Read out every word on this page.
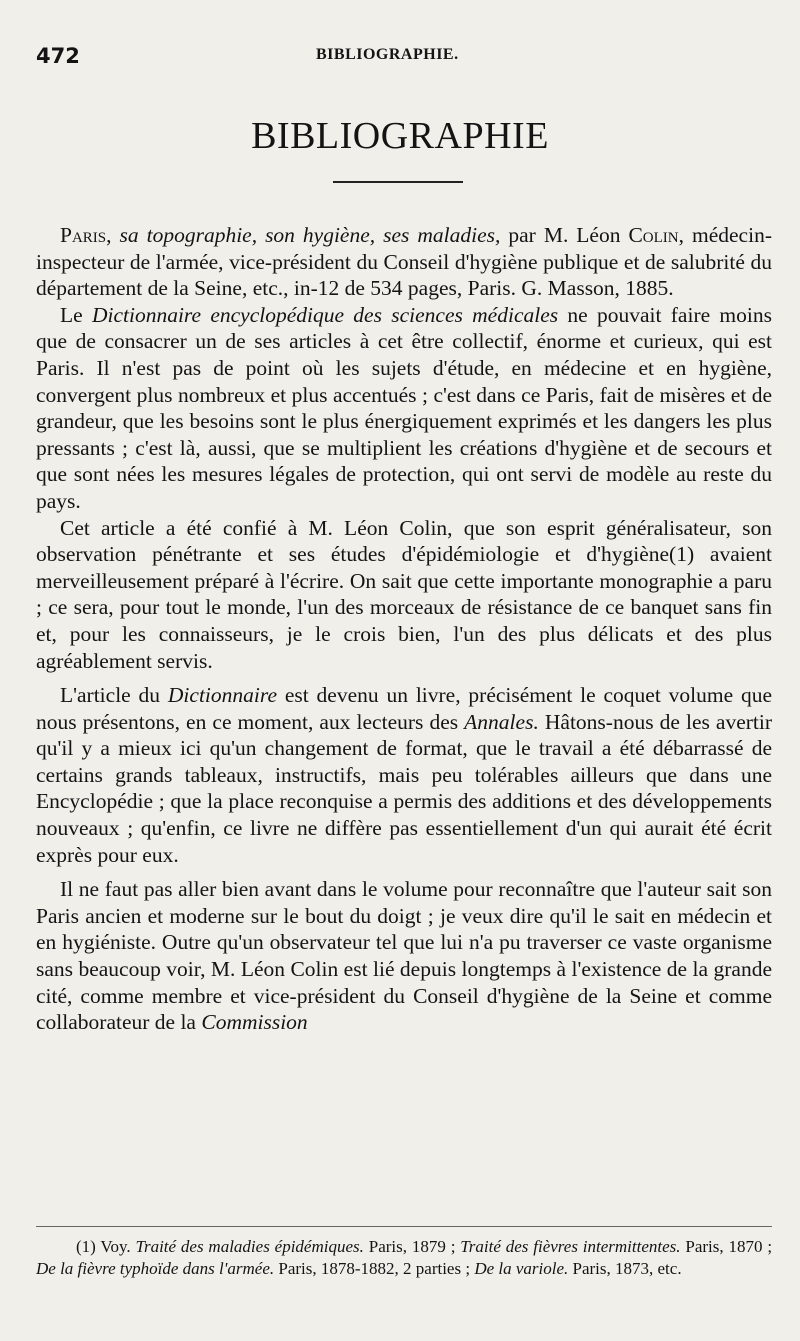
472	BIBLIOGRAPHIE.
BIBLIOGRAPHIE

Paris, sa topographie, son hygiène, ses maladies, par M. Léon Colin, médecin-inspecteur de l'armée, vice-président du Conseil d'hygiène publique et de salubrité du département de la Seine, etc., in-12 de 534 pages, Paris. G. Masson, 1885.

Le Dictionnaire encyclopédique des sciences médicales ne pouvait faire moins que de consacrer un de ses articles à cet être collectif, énorme et curieux, qui est Paris. Il n'est pas de point où les sujets d'étude, en médecine et en hygiène, convergent plus nombreux et plus accentués ; c'est dans ce Paris, fait de misères et de grandeur, que les besoins sont le plus énergiquement exprimés et les dangers les plus pressants ; c'est là, aussi, que se multiplient les créations d'hygiène et de secours et que sont nées les mesures légales de protection, qui ont servi de modèle au reste du pays.

Cet article a été confié à M. Léon Colin, que son esprit généralisateur, son observation pénétrante et ses études d'épidémiologie et d'hygiène(1) avaient merveilleusement préparé à l'écrire. On sait que cette importante monographie a paru ; ce sera, pour tout le monde, l'un des morceaux de résistance de ce banquet sans fin et, pour les connaisseurs, je le crois bien, l'un des plus délicats et des plus agréablement servis.

L'article du Dictionnaire est devenu un livre, précisément le coquet volume que nous présentons, en ce moment, aux lecteurs des Annales. Hâtons-nous de les avertir qu'il y a mieux ici qu'un changement de format, que le travail a été débarrassé de certains grands tableaux, instructifs, mais peu tolérables ailleurs que dans une Encyclopédie ; que la place reconquise a permis des additions et des développements nouveaux ; qu'enfin, ce livre ne diffère pas essentiellement d'un qui aurait été écrit exprès pour eux.

Il ne faut pas aller bien avant dans le volume pour reconnaître que l'auteur sait son Paris ancien et moderne sur le bout du doigt ; je veux dire qu'il le sait en médecin et en hygiéniste. Outre qu'un observateur tel que lui n'a pu traverser ce vaste organisme sans beaucoup voir, M. Léon Colin est lié depuis longtemps à l'existence de la grande cité, comme membre et vice-président du Conseil d'hygiène de la Seine et comme collaborateur de la Commission

(1) Voy. Traité des maladies épidémiques. Paris, 1879 ; Traité des fièvres intermittentes. Paris, 1870 ; De la fièvre typhoïde dans l'armée. Paris, 1878-1882, 2 parties ; De la variole. Paris, 1873, etc.
